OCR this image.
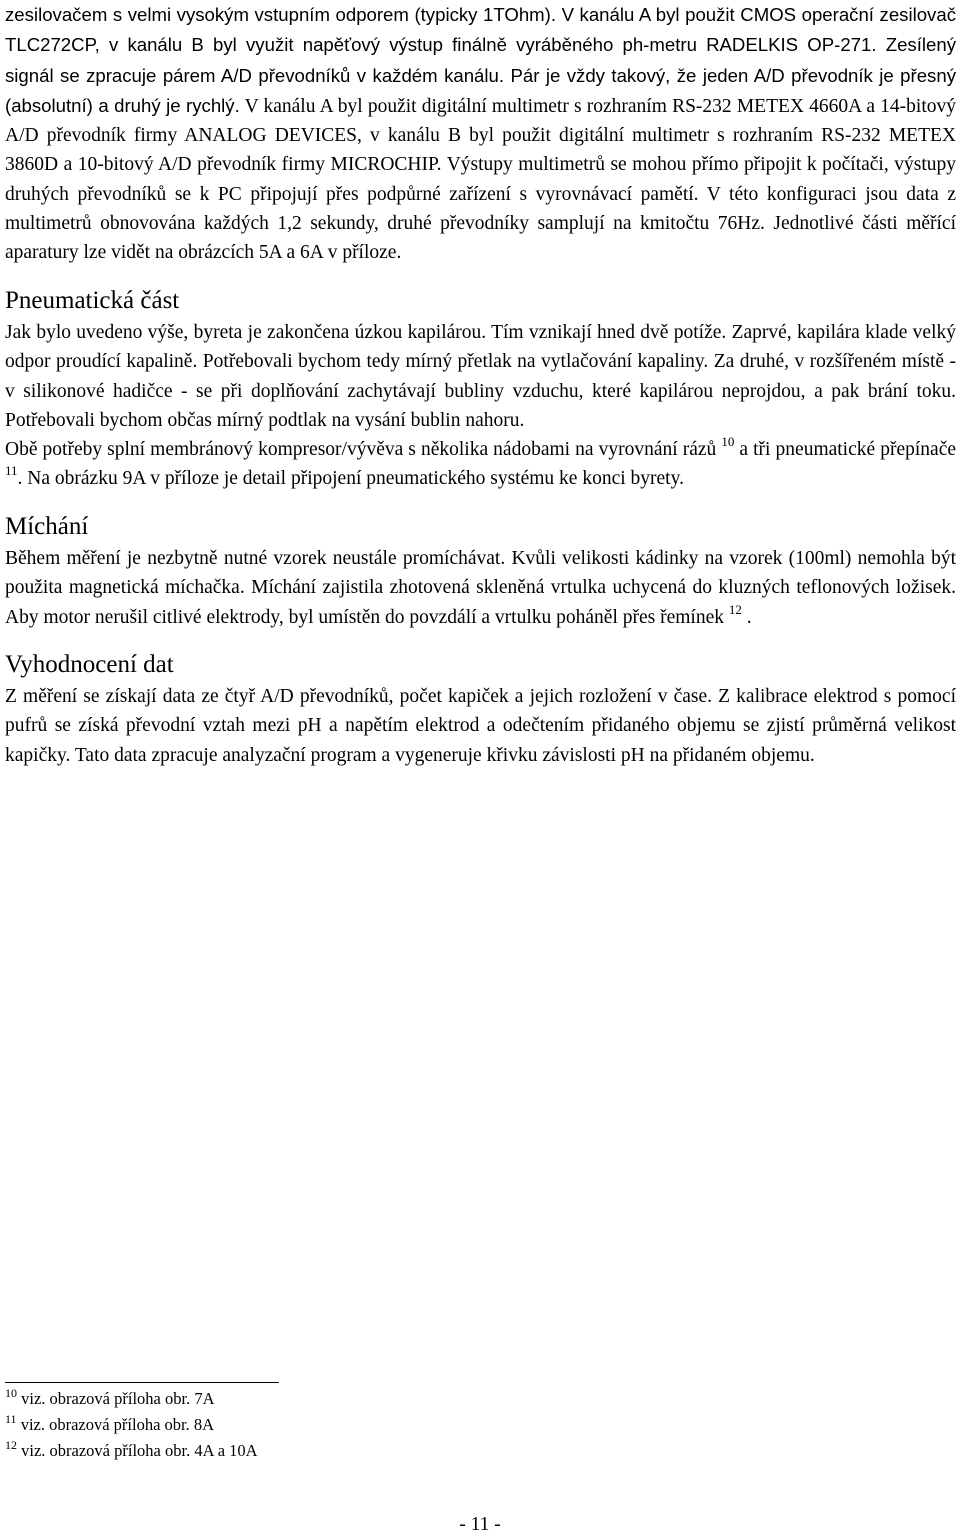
zesilovačem s velmi vysokým vstupním odporem (typicky 1TOhm). V kanálu A byl použit CMOS operační zesilovač TLC272CP, v kanálu B byl využit napěťový výstup finálně vyráběného ph-metru RADELKIS OP-271. Zesílený signál se zpracuje párem A/D převodníků v každém kanálu. Pár je vždy takový, že jeden A/D převodník je přesný (absolutní) a druhý je rychlý. V kanálu A byl použit digitální multimetr s rozhraním RS-232 METEX 4660A a 14-bitový A/D převodník firmy ANALOG DEVICES, v kanálu B byl použit digitální multimetr s rozhraním RS-232 METEX 3860D a 10-bitový A/D převodník firmy MICROCHIP. Výstupy multimetrů se mohou přímo připojit k počítači, výstupy druhých převodníků se k PC připojují přes podpůrné zařízení s vyrovnávací pamětí. V této konfiguraci jsou data z multimetrů obnovována každých 1,2 sekundy, druhé převodníky samplují na kmitočtu 76Hz. Jednotlivé části měřící aparatury lze vidět na obrázcích 5A a 6A v příloze.

Pneumatická část

Jak bylo uvedeno výše, byreta je zakončena úzkou kapilárou. Tím vznikají hned dvě potíže. Zaprvé, kapilára klade velký odpor proudící kapalině. Potřebovali bychom tedy mírný přetlak na vytlačování kapaliny. Za druhé, v rozšířeném místě - v silikonové hadičce - se při doplňování zachytávají bubliny vzduchu, které kapilárou neprojdou, a pak brání toku. Potřebovali bychom občas mírný podtlak na vysání bublin nahoru.

Obě potřeby splní membránový kompresor/vývěva s několika nádobami na vyrovnání rázů $^{10}$ a tři pneumatické přepínače $^{11}$. Na obrázku 9A v příloze je detail připojení pneumatického systému ke konci byrety.

Míchání

Během měření je nezbytně nutné vzorek neustále promíchávat. Kvůli velikosti kádinky na vzorek (100ml) nemohla být použita magnetická míchačka. Míchání zajistila zhotovená skleněná vrtulka uchycená do kluzných teflonových ložisek. Aby motor nerušil citlivé elektrody, byl umístěn do povzdálí a vrtulku poháněl přes řemínek $^{12}$ .

Vyhodnocení dat

Z měření se získají data ze čtyř A/D převodníků, počet kapiček a jejich rozložení v čase. Z kalibrace elektrod s pomocí pufrů se získá převodní vztah mezi pH a napětím elektrod a odečtením přidaného objemu se zjistí průměrná velikost kapičky. Tato data zpracuje analyzační program a vygeneruje křivku závislosti pH na přidaném objemu.

$^{10}$ viz. obrazová příloha obr. 7A
$^{11}$ viz. obrazová příloha obr. 8A
$^{12}$ viz. obrazová příloha obr. 4A a 10A
- 11 -
